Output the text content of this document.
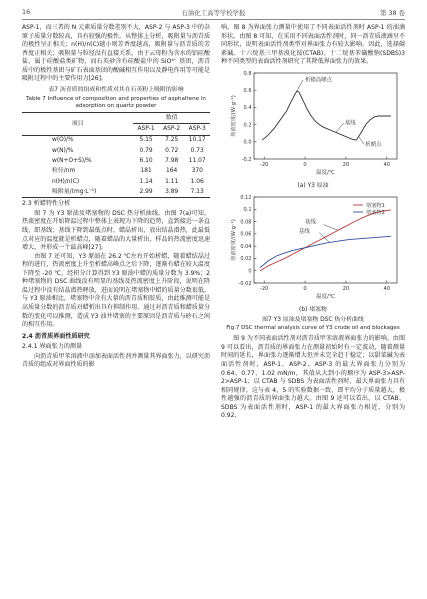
16	石油化工高等学校学报	第 38 卷

ASP-1，而三者的 N 元素质量分数差别不大，ASP-2 与 ASP-3 中的杂原子质量分数较高，具有较强的极性。从整体上分析，吸附量与沥青质的极性呈正相关；n(H)/n(C)越小则芳香度越高，吸附量与沥青质的芳香度正相关；吸附量与粒径没有直接关系。由于云母粉为含水的铝硅酸盐，属于硅酸盐类矿物，而石英砂含有硅酸盐中的 SiO⁴⁻ 基团，沥青质中的极性基团与矿石表面基团的酸碱相互作用以及静电作用等可能是吸附过程中的主要作用力[26]。

表7 沥青质的组成和性质对其在石英粉上吸附的影响
Table 7 Influence of composition and properties of asphaltene in adsorption on quartz powder
项目	数值		
	ASP-1	ASP-2	ASP-3
w(O)/%	5.15	7.25	10.17
w(N)/%	0.79	0.72	0.73
w(N+O+S)/%	6.10	7.98	11.07
粒径/nm	181	164	370
n(H)/n(C)	1.14	1.11	1.06
吸附量/(mg·L⁻¹)	2.99	3.89	7.13
2.3 析蜡特性分析

图 7 为 Y3 原油及堵塞物的 DSC 热分析曲线。由图 7(a)可知，热流密度在开始降温过程中整体上表现为下降的趋势，直到接近一条直线，即基线；基线下降到最低点时，蜡晶析出，放出结晶潜热，此最低点对应的温度就是析蜡点，随着蜡晶的大量析出，样品的热流密度迅速增大，并形成一个最高峰[27]。

由图 7 还可知，Y3 原油在 26.2 ℃左右开始析蜡，随着蜡结晶过程的进行，热流密度上升至析蜡高峰点之后下降，逐渐有蜡在较大温度下降至 -20 ℃，经积分计算得到 Y3 原油中蜡的质量分数为 3.9%；2 种堵塞物的 DSC 曲线没有明显的基线及热流密度上升阶段，说明在降温过程中没有结晶潜热释放，进而说明在堵塞物中蜡的质量分数很低。与 Y3 原油相比，堵塞物中含有大量的沥青质和胶质，由此推测可能是高质量分数的沥青质对蜡析出具有抑制作用。通过对沥青质和蜡质量分数的变化可以推测，造成 Y3 油井堵塞的主要原因是沥青质与砂石之间的相互作用。

2.4 沥青质界面性质研究
2.4.1 界面张力的测量

向沥青质甲苯溶液中添加表面活性剂并测量其界面张力，以研究沥青质的组成对界面性质的影

响。图 8 为界面张力测量中使用了不同表面活性剂时 ASP-1 的油滴形状。由图 8 可知，在采用不同表面活性剂时，同一沥青质液滴呈不同形状，说明表面活性剂类型对界面张力有较大影响。因此，选择碳素碱、十六烷基三甲基溴化铵(CTAB)、十二烷基苯磺酸钠(SDBS)3 种不同类型的表面活性剂研究了其降低界面张力的效果。

-20	0	20	40
-0.2
0.0
0.2
0.4
0.6
0.8
温度/℃
热流密度/(W·g⁻¹)
析蜡高峰点
基线
析蜡点
(a) Y3 原油
-20	0	20	40
-0.02
0
0.02
0.04
0.06
0.08
0.1
0.12
温度/℃
热流密度/(W·g⁻¹)
堵塞物1
堵塞物2
基线
基线
(b) 堵塞物
图7 Y3 原油及堵塞物 DSC 热分析曲线
Fig.7 DSC thermal analysis curve of Y3 crude oil and blockages

图 9 为不同表面活性剂对沥青质甲苯溶液界面张力的影响。由图 9 可以看出，沥青质的界面张力在测量初始时有一定波动，随着测量时间的延长，界面张力逐渐增大但并未完全趋于稳定；以甜菜碱为表面活性剂时，ASP-1、ASP-2、ASP-3 的最大界面张力分别为 0.64、0.77、1.02 mN/m，其值从大到小的顺序为 ASP-3>ASP-2>ASP-1；以 CTAB 与 SDBS 为表面活性剂时，最大界面张力具有相同规律。这与表 4、5 的实验数据一致，即平均分子质量越大，极性越强的沥青质的界面张力越大。由图 9 还可以看出，以 CTAB、SDBS 为表面活性剂时，ASP-1 的最大界面张力相近，分别为 0.92、
